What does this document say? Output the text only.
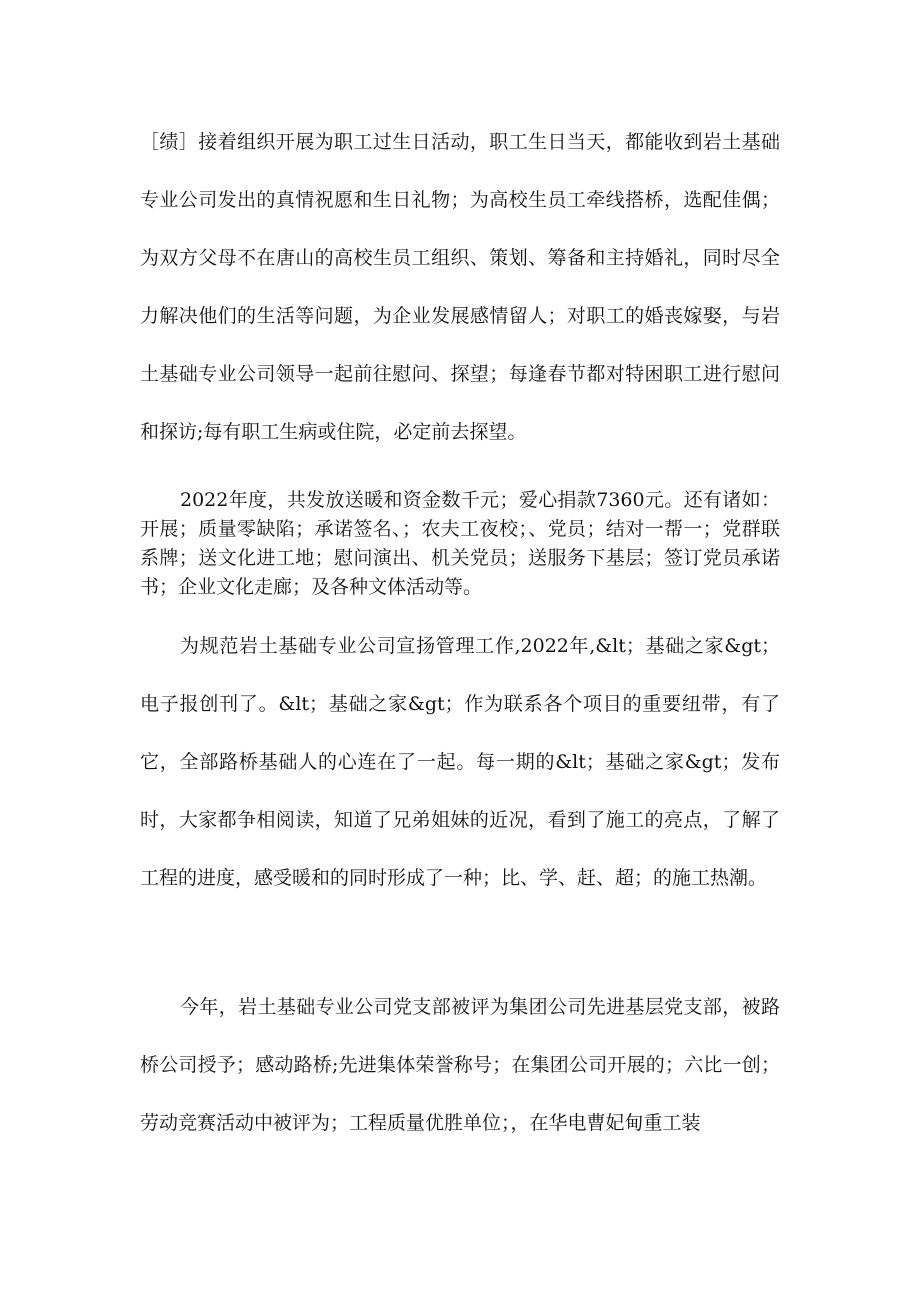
［绩］接着组织开展为职工过生日活动，职工生日当天，都能收到岩土基础专业公司发出的真情祝愿和生日礼物；为高校生员工牵线搭桥，选配佳偶；为双方父母不在唐山的高校生员工组织、策划、筹备和主持婚礼，同时尽全力解决他们的生活等问题，为企业发展感情留人；对职工的婚丧嫁娶，与岩土基础专业公司领导一起前往慰问、探望；每逢春节都对特困职工进行慰问和探访;每有职工生病或住院，必定前去探望。

2022年度，共发放送暖和资金数千元；爱心捐款7360元。还有诸如：开展；质量零缺陷；承诺签名、；农夫工夜校；、党员；结对一帮一；党群联系牌；送文化进工地；慰问演出、机关党员；送服务下基层；签订党员承诺书；企业文化走廊；及各种文体活动等。

为规范岩土基础专业公司宣扬管理工作,2022年,&lt；基础之家&gt；电子报创刊了。&lt；基础之家&gt；作为联系各个项目的重要纽带，有了它，全部路桥基础人的心连在了一起。每一期的&lt；基础之家&gt；发布时，大家都争相阅读，知道了兄弟姐妹的近况，看到了施工的亮点，了解了工程的进度，感受暖和的同时形成了一种；比、学、赶、超；的施工热潮。

今年，岩土基础专业公司党支部被评为集团公司先进基层党支部，被路桥公司授予；感动路桥;先进集体荣誉称号；在集团公司开展的；六比一创；劳动竞赛活动中被评为；工程质量优胜单位；，在华电曹妃甸重工装
